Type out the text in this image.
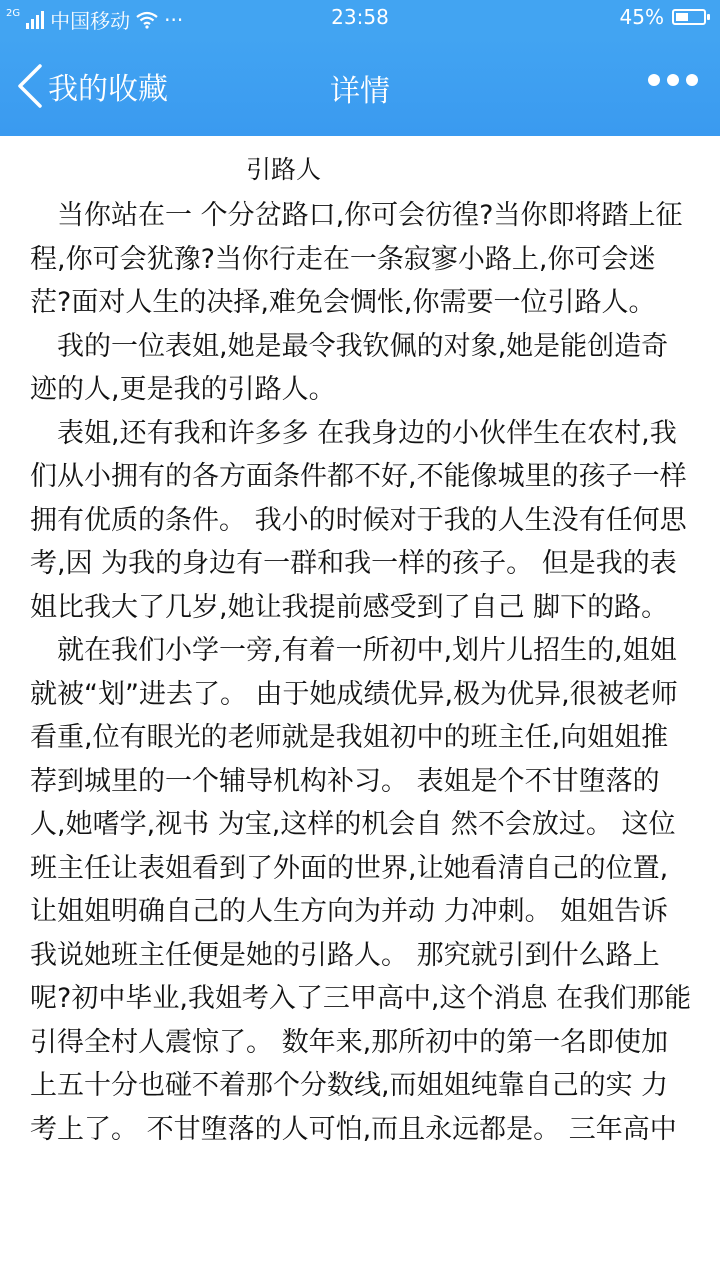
2G 中国移动 ···	23:58	45%
我的收藏	详情
引路人

当你站在一 个分岔路口,你可会彷徨?当你即将踏上征程,你可会犹豫?当你行走在一条寂寥小路上,你可会迷茫?面对人生的决择,难免会惆怅,你需要一位引路人。

我的一位表姐,她是最令我钦佩的对象,她是能创造奇迹的人,更是我的引路人。

表姐,还有我和许多多 在我身边的小伙伴生在农村,我们从小拥有的各方面条件都不好,不能像城里的孩子一样拥有优质的条件。 我小的时候对于我的人生没有任何思考,因 为我的身边有一群和我一样的孩子。 但是我的表姐比我大了几岁,她让我提前感受到了自己 脚下的路。

就在我们小学一旁,有着一所初中,划片儿招生的,姐姐就被“划”进去了。 由于她成绩优异,极为优异,很被老师看重,位有眼光的老师就是我姐初中的班主任,向姐姐推荐到城里的一个辅导机构补习。 表姐是个不甘堕落的人,她嗜学,视书 为宝,这样的机会自 然不会放过。 这位班主任让表姐看到了外面的世界,让她看清自己的位置,让姐姐明确自己的人生方向为并动 力冲刺。 姐姐告诉我说她班主任便是她的引路人。 那究就引到什么路上呢?初中毕业,我姐考入了三甲高中,这个消息 在我们那能引得全村人震惊了。 数年来,那所初中的第一名即使加上五十分也碰不着那个分数线,而姐姐纯靠自己的实 力考上了。 不甘堕落的人可怕,而且永远都是。 三年高中
